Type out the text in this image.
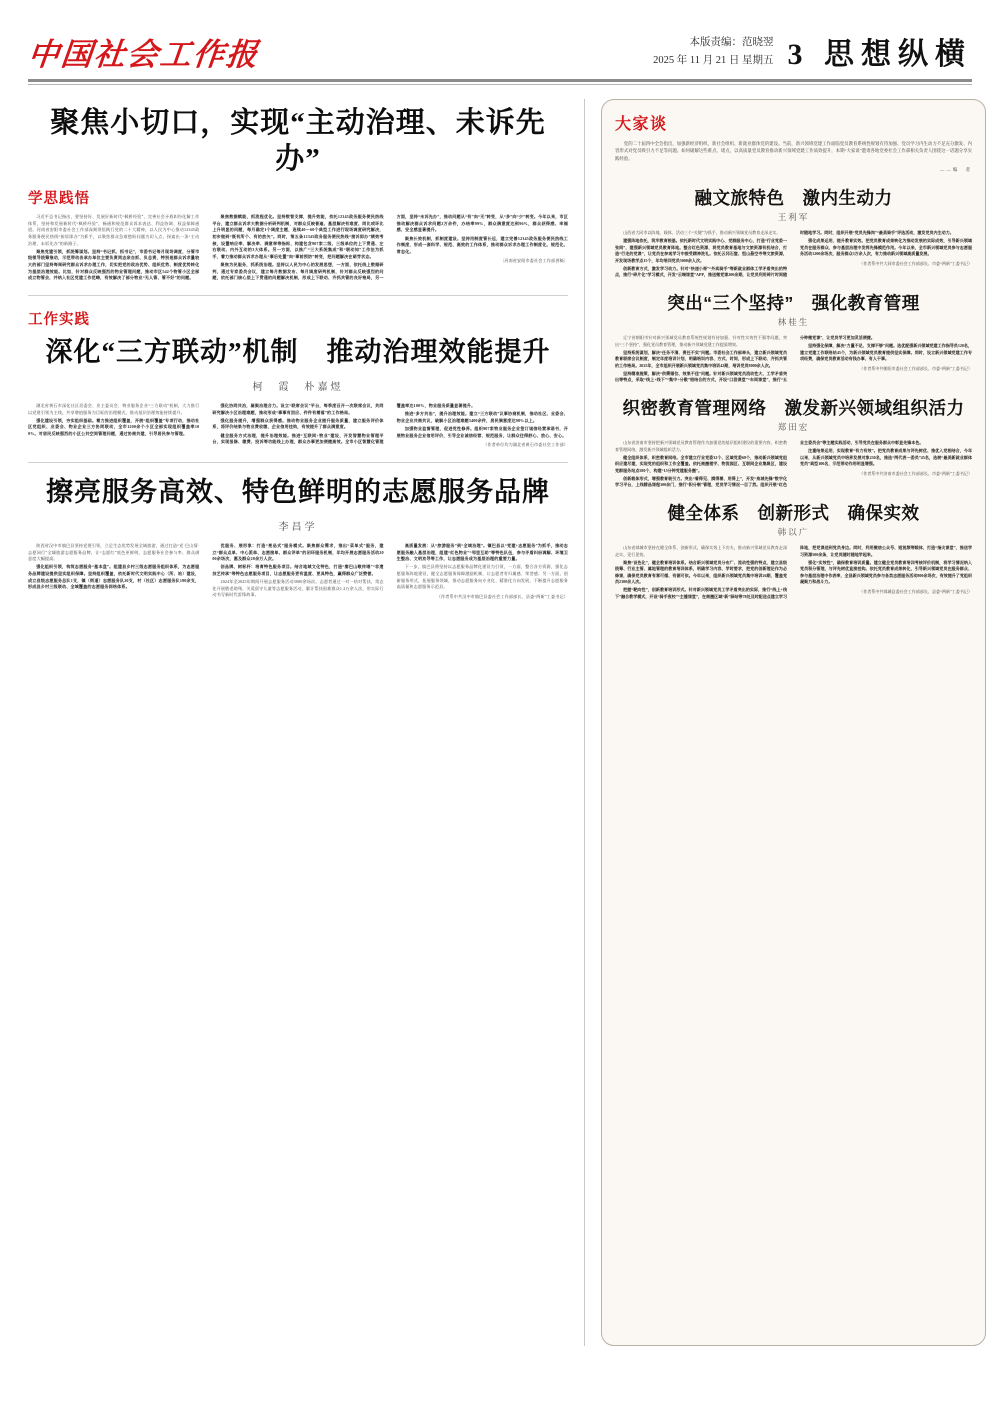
中国社会工作报	本版责编：范晓翌
2025 年 11 月 21 日 星期五 3 思想纵横
聚焦小切口，实现“主动治理、未诉先办”
学思践悟

习近平总书记指出，要坚持好、发展好新时代“枫桥经验”，完善社会矛盾纠纷化解工作体系，坚持和发展新时代“枫桥经验”，畅通和规范群众诉求表达、利益协调、权益保障通道。河南省安阳市委社会工作部深刻领悟践行党的二十大精神，以人民为中心推动12345政务服务便民热线“接诉即办”为抓手，以聚焦群众急难愁盼问题为切入点，探索出一条“主动治理、未诉先办”的新路子。

聚焦党建引领，抓统筹谋划。坚持“书记抓、抓书记”，市委书记每月现场调度，分管市级领导统筹推动，示范带动各承办单位主要负责同志亲自抓、负总责，特别是群众诉求量较大的部门坚持每周研究群众诉求办理工作，切实把党的政治优势、组织优势、制度优势转化为基层治理效能。比如，针对群众反映强烈的物业管理问题，推动市区542个物管小区全部成立物管会，并纳入社区党建工作范畴，有效解决了部分物业“无人管、管不好”的问题。

聚焦数据赋能，抓流程优化。坚持数智支撑，提升效能，依托12345政务服务便民热线平台，建立群众诉求大数据分析研判机制，对群众反映普遍、基层解决有难度、同比或环比上升明显的问题，每月确定1个调度主题，连续40～60个典型工作进行现场调度研究解决，初步做到“既有所个、有的放矢”。同时，第五条12345政务服务便民热线“接诉即办”绩效考核，设置响应率、解决率、满意率等指标，构建包含907家二级、三级单位的上下贯通、左右联动、内外互动的3大体系。另一方面，以推广“三大系统集成”和“联动知”工作法为抓手，着力推动群众诉求办理从“事后处置”向“事前预防”转变，把问题解决在萌芽状态。

聚焦为民服务，抓系统治理。坚持以人民为中心的发展思想，一方面，依托线上数据研判，通过专家委员会议，建立每月数据发布、每月调度研判机制，针对群众反映强烈的问题，依托部门核心层上下贯通的问题解决机制，形成上下联动、齐抓共管的良好格局，另一方面，坚持“未诉先办”，推动问题从“有”向“无”转变，从“多”向“少”转变。今年以来，市区推动解决群众诉求问题2万余件，办结率99%，群众满意度达到96%，群众获得感、幸福感、安全感显著提升。

聚焦长效机制，抓制度建设。坚持用制度管长远，建立完善12345政务服务便民热线工作制度，形成一套科学、规范、高效的工作体系，推动群众诉求办理工作制度化、规范化、常态化。

〔河南省安阳市委社会工作部供稿〕

工作实践
深化“三方联动”机制　推动治理效能提升
柯　霞　朴嘉煜

湖北省黄石市深化社区居委会、业主委员会、物业服务企业“三方联动”机制，大力推行以党建引领为主线，共享增值服务为目标的治理模式，推动基层治理效能持续提升。

强化建设引领，夯实组织基础。着力推进组织覆盖，开展“组织覆盖”专项行动，推动社区党组织、业委会、物业企业三方协同联动，全市1200余个小区全部实现组织覆盖率100%。对居民反映强烈的小区公共空间管理问题，通过协商共建，引导居民参与管理。

强化协同共治，凝聚治理合力。设立“联席会议”平台，每季度召开一次联席会议，共同研究解决小区治理难题，推动形成“事事有回应、件件有着落”的工作格局。

强化服务提升，增强群众获得感。推动物业服务企业提升服务质量，建立服务评价体系，将评价结果与物业费收缴、企业信用挂钩，有效提升了群众满意度。

健全服务方式治理，提升治理效能。推进“互联网+物业”建设，开发智慧物业管理平台，实现报修、缴费、投诉等功能线上办理，群众办事更加便捷高效。全市小区智慧化管理覆盖率达100%，物业服务质量显著提升。

推进“多方共治”，提升治理效能。建立“三方联动”议事协商机制，推动社区、业委会、物业企业共商共议，破解小区治理难题3400余件，居民满意度达98%以上。

加强物业监督管理，促进党性修养。组织907家物业服务企业签订诚信经营承诺书，开展物业服务企业信用评价，引导企业诚信经营、规范服务，让群众住得舒心、放心、安心。

（作者单位均为湖北省黄石市委社会工作部）

擦亮服务高效、特色鲜明的志愿服务品牌
李昌学

陕西省汉中市镇巴县坚持党建引领，立足生态优势发展全域旅游，通过打造“党·巴山情·志愿同行”全域旅游志愿服务品牌，让“志愿红”底色更鲜明，志愿服务社会参与率、群众满意度大幅提高。

强化组织引领，构筑志愿服务“基本盘”。组建县乡村三级志愿服务组织体系，为志愿服务品牌建设提供坚实组织保障。坚持组织覆盖，依托新时代文明实践中心（所、站）建设，成立县级志愿服务总队1支，镇（街道）志愿服务队20支，村（社区）志愿服务队180余支，形成县乡村三级联动、全域覆盖的志愿服务网络体系。

优服务、展形象：打造“亮品式”服务模式。聚焦群众需求，推出“菜单式”服务，建立“群众点单、中心派单、志愿接单、群众评单”的闭环服务机制，年均开展志愿服务活动2000余场次，惠及群众20余万人次。

创品牌、树标杆：培育特色服务项目。结合地域文化特色，打造“秦巴山歌传唱”“非遗技艺传承”等特色志愿服务项目，让志愿服务更有温度、更具特色，赢得群众广泛赞誉。

2024年至2025年期间开展志愿服务活动3000余场次。志愿者通过一对一结对帮扶，常态化开展敬老助残、关爱留守儿童等志愿服务活动，累计帮扶困难群众1.2万余人次，用实际行动书写新时代雷锋故事。

高质量发展：从“旅游服务”到“全域治理”。镇巴县以“党建+志愿服务”为抓手，推动志愿服务融入基层治理，组建“红色物业”“邻里互助”等特色队伍，参与矛盾纠纷调解、环境卫生整治、文明劝导等工作，让志愿服务成为基层治理的重要力量。

下一步，镇巴县将坚持以志愿服务品牌化建设为引领，一方面，整合各方资源，强化志愿服务阵地建设，健全志愿服务保障激励机制，让志愿者有归属感、荣誉感；另一方面，创新服务形式，拓展服务领域，推动志愿服务向专业化、精准化方向发展，不断提升志愿服务高质量和志愿服务示范县。

（作者系中共汉中市镇巴县委社会工作部部长、县委“两新”工委书记）

大家谈

党的二十届四中全会指出，加强新经济组织、新社会组织、新就业群体党的建设。当前，新兴领域党建工作面临党员教育系统性规划有待加强、党员学习内生动力不足充分激发、内容形式对党员吸引力不足等问题。如何破解这些难点、堵点，以高质量党员教育推动新兴领域党建工作质效提升，本期“大家谈”邀请各地党委社会工作部相关负责人围绕这一话题分享实践经验。

——编　者

融文旅特色　激内生动力
王利军

山西省大同市以阵地、载体、活动三个“关键”为抓手，推动新兴领域党员教育走深走实。

建强阵地依托，筑牢教育根基。依托新时代文明实践中心、党群服务中心，打造“行业党委一张网”，建强新兴领域党员教育阵地。整合红色资源，将党员教育基地与文旅资源有机结合，打造“行走的党课”，让党员在参观学习中接受精神洗礼。依托云冈石窟、恒山悬空寺等文旅资源，开发现场教学点15个，年均培训党员5000余人次。

创新教育方式，激发学习动力。针对“快递小哥”“外卖骑手”等新就业群体工学矛盾突出的特点，推行“碎片化”学习模式，开发“云端课堂”APP，推送微党课200余期，让党员利用碎片时间随时随地学习。同时，组织开展“党员先锋岗”“最美骑手”评选活动，激发党员内生动力。

强化成果运用，提升教育实效。把党员教育成果转化为推动发展的实际成效，引导新兴领域党员在服务群众、参与基层治理中发挥先锋模范作用。今年以来，全市新兴领域党员参与志愿服务活动1200余场次，服务群众3万余人次，有力推动新兴领域高质量发展。

（作者系中共大同市委社会工作部部长、市委“两新”工委书记）

突出“三个坚持”　强化教育管理
林桂生

辽宁省朝阳市针对新兴领域党员教育系统性规划有待加强、针对性实效性不强等问题，突出“三个坚持”，强化党员教育管理，推动新兴领域党建工作提质增效。

坚持系统谋划，解决“任务不清、责任不实”问题。市委社会工作部牵头，建立新兴领域党员教育联席会议制度，制定年度培训计划，明确培训内容、方式、时间，形成上下联动、齐抓共管的工作格局。2025年，全市组织开展新兴领域党员集中培训42期，培训党员8000余人次。

坚持精准施策，解决“供需错位、效果不佳”问题。针对新兴领域党员流动性大、工学矛盾突出等特点，采取“线上+线下”“集中+分散”相结合的方式，开设“口袋课堂”“车间课堂”，推行“五分钟微党课”，让党员学习更加灵活便捷。

坚持强化保障，解决“力量不足、支撑不够”问题。选优配强新兴领域党建工作指导员120名，建立党建工作联络站45个，为新兴领域党员教育提供坚实保障。同时，设立新兴领域党建工作专项经费，确保党员教育活动有钱办事、有人干事。

（作者系中共朝阳市委社会工作部部长、市委“两新”工委书记）

织密教育管理网络　激发新兴领域组织活力
郑田宏

山东省济南市坚持把新兴领域党员教育管理作为加强党的基层组织建设的重要内容，织密教育管理网络，激发新兴领域组织活力。

健全组织体系，织密教育网络。全市建立行业党委32个、区域党委68个，推动新兴领域党组织应建尽建，实现党的组织和工作全覆盖。依托商圈楼宇、物流园区、互联网企业集聚区，建设党群服务站点580个，构建“15分钟党建服务圈”。

创新载体形式，增强教育吸引力。突出“看得见、摸得着、用得上”，开发“泉城先锋”数字化学习平台，上线精品课程300余门，推行“积分制”管理，党员学习情况一目了然。组织开展“红色业主委员会”等主题实践活动，引导党员在服务群众中彰显先锋本色。

注重结果运用，实现教育“有力有效”。把党员教育成果与评先树优、推优入党相结合，今年以来，从新兴领域党员中培养发展对象230名，推选“两代表一委员”45名，选树“最美新就业群体党员”典型100名，示范带动作用明显增强。

（作者系中共济南市委社会工作部部长、市委“两新”工委书记）

健全体系　创新形式　确保实效
韩以广

山东省郯城市坚持在健全体系、创新形式、确保实效上下功夫，推动新兴领域党员教育走深走实、见行见效。

聚焦“设色化”，健全教育培训体系。结合新兴领域党员分布广、流动性强的特点，建立县级统筹、行业主管、属地管理的教育培训体系，明确学习内容、学时要求，把党的创新理论作为必修课，确保党员教育有章可循、有据可依。今年以来，组织新兴领域党员集中培训26期，覆盖党员2300余人次。

把握“靶向性”，创新教育培训形式。针对新兴领域党员工学矛盾突出的实际，推行“线上+线下”融合教学模式，开设“骑手夜校”“主播课堂”，在商圈区域“新”驿站等78处及时配送点建立学习阵地，把党课送到党员身边。同时，利用微信公众号、短视频等载体，打造“指尖课堂”，推送学习资源500余条，让党员随时随地学起来。

强化“实效性”，确保教育培训质量。建立健全党员教育培训考核评价机制，将学习情况纳入党员积分管理，与评先树优直接挂钩。依托党员教育成果转化，引导新兴领域党员在服务群众、参与基层治理中作表率，全县新兴领域党员参与各类志愿服务活动800余场次，有效提升了党组织凝聚力和战斗力。

（作者系中共郯城县委社会工作部部长、县委“两新”工委书记）
